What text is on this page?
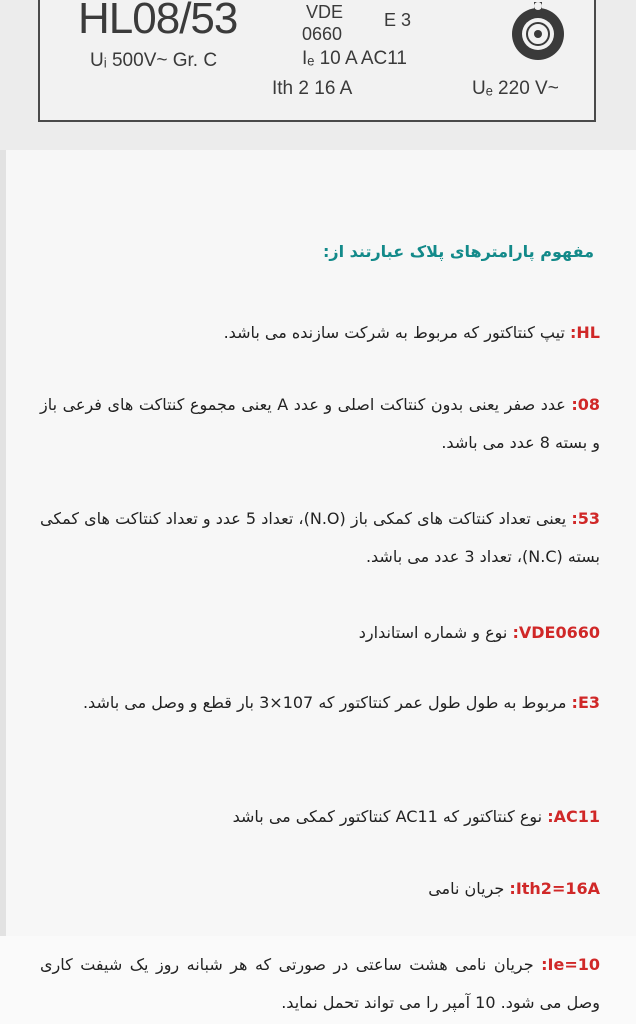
HL08/53
Uᵢ 500V~ Gr. C
VDE
0660
E 3
Iₑ 10 A AC11
Ith 2 16 A	Uₑ 220 V~
مفهوم پارامترهای پلاک عبارتند از:
HL: تیپ کنتاکتور که مربوط به شرکت سازنده می باشد.
08: عدد صفر یعنی بدون کنتاکت اصلی و عدد A یعنی مجموع کنتاکت های فرعی باز و بسته 8 عدد می باشد.
53: یعنی تعداد کنتاکت های کمکی باز (N.O)، تعداد 5 عدد و تعداد کنتاکت های کمکی بسته (N.C)، تعداد 3 عدد می باشد.
VDE0660: نوع و شماره استاندارد
E3: مربوط به طول طول عمر کنتاکتور که 107×3 بار قطع و وصل می باشد.
AC11: نوع کنتاکتور که AC11 کنتاکتور کمکی می باشد
Ith2=16A: جریان نامی
Ie=10: جریان نامی هشت ساعتی در صورتی که هر شبانه روز یک شیفت کاری وصل می شود. 10 آمپر را می تواند تحمل نماید.
